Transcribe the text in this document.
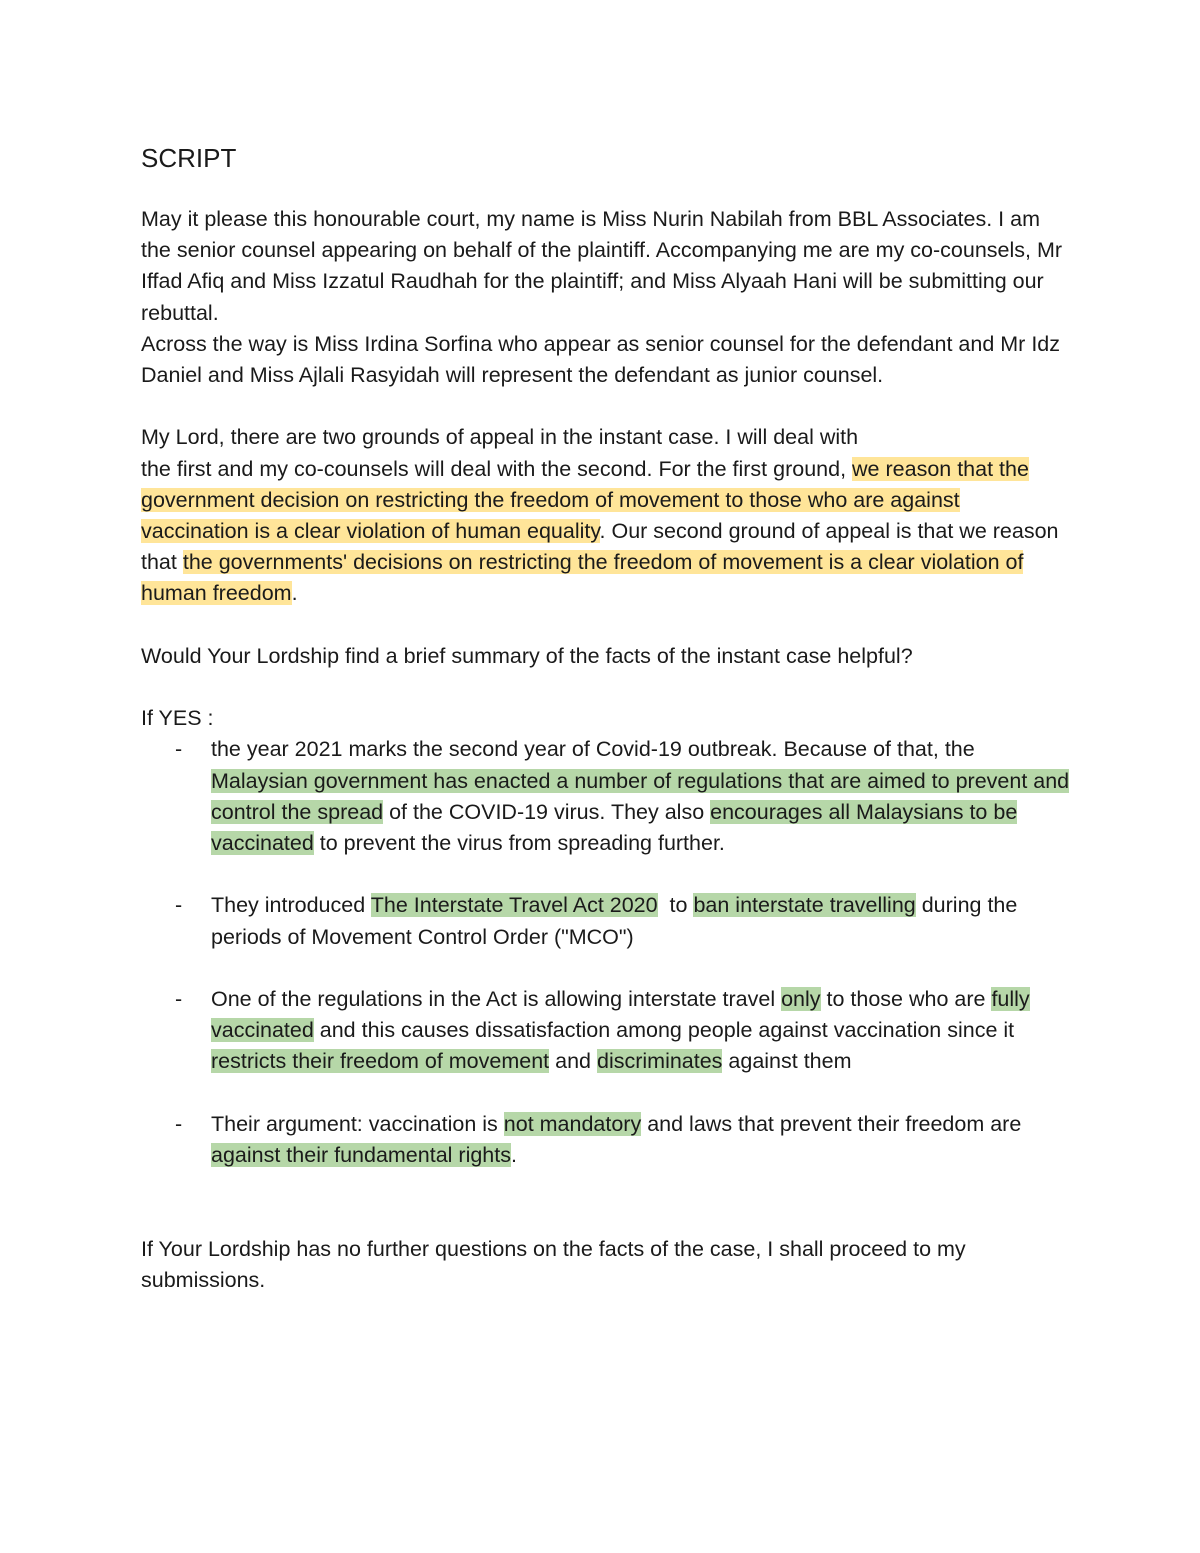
SCRIPT

May it please this honourable court, my name is Miss Nurin Nabilah from BBL Associates. I am the senior counsel appearing on behalf of the plaintiff. Accompanying me are my co-counsels, Mr Iffad Afiq and Miss Izzatul Raudhah for the plaintiff; and Miss Alyaah Hani will be submitting our rebuttal.

Across the way is Miss Irdina Sorfina who appear as senior counsel for the defendant and Mr Idz Daniel and Miss Ajlali Rasyidah will represent the defendant as junior counsel.

My Lord, there are two grounds of appeal in the instant case. I will deal with
the first and my co-counsels will deal with the second. For the first ground, we reason that the government decision on restricting the freedom of movement to those who are against vaccination is a clear violation of human equality. Our second ground of appeal is that we reason that the governments' decisions on restricting the freedom of movement is a clear violation of human freedom.

Would Your Lordship find a brief summary of the facts of the instant case helpful?

If YES :

- the year 2021 marks the second year of Covid-19 outbreak. Because of that, the Malaysian government has enacted a number of regulations that are aimed to prevent and control the spread of the COVID-19 virus. They also encourages all Malaysians to be vaccinated to prevent the virus from spreading further.
- They introduced The Interstate Travel Act 2020  to ban interstate travelling during the periods of Movement Control Order ("MCO")
- One of the regulations in the Act is allowing interstate travel only to those who are fully vaccinated and this causes dissatisfaction among people against vaccination since it restricts their freedom of movement and discriminates against them
- Their argument: vaccination is not mandatory and laws that prevent their freedom are against their fundamental rights.

If Your Lordship has no further questions on the facts of the case, I shall proceed to my submissions.
